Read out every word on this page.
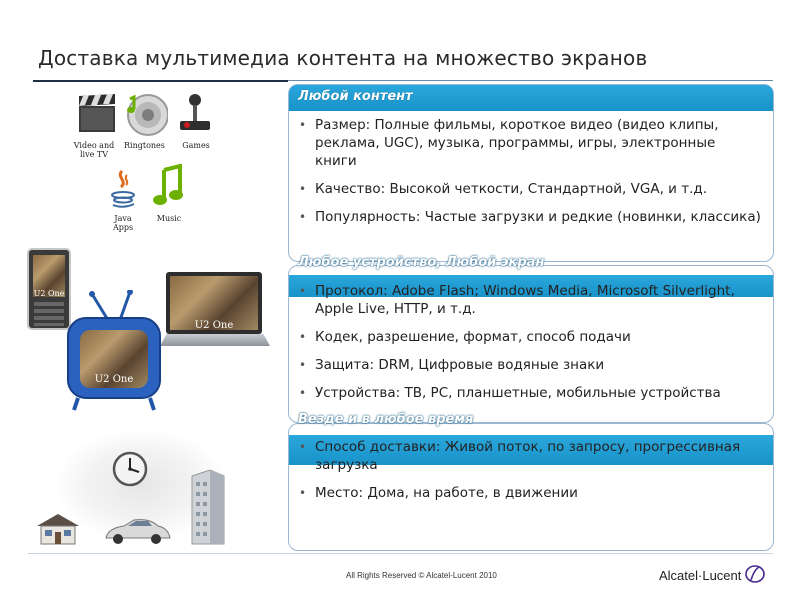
Доставка мультимедиа контента на множество экранов
Video and live TV
Ringtones	Games
Java Apps
Music
U2 One
U2 One
U2 One
Любой контент
• Размер: Полные фильмы, короткое видео (видео клипы, реклама, UGC), музыка, программы, игры, электронные книги
• Качество: Высокой четкости, Стандартной, VGA, и т.д.
• Популярность: Частые загрузки и редкие (новинки, классика)
• Протокол: Adobe Flash; Windows Media, Microsoft Silverlight, Apple Live, HTTP, и т.д.
• Кодек, разрешение, формат, способ подачи
• Защита: DRM, Цифровые водяные знаки
• Устройства: ТВ, PC, планшетные, мобильные устройства
Любое устройство, Любой экран
• Способ доставки: Живой поток, по запросу, прогрессивная загрузка
• Место: Дома, на работе, в движении
Везде и в любое время
All Rights Reserved © Alcatel-Lucent 2010	Alcatel·Lucent
